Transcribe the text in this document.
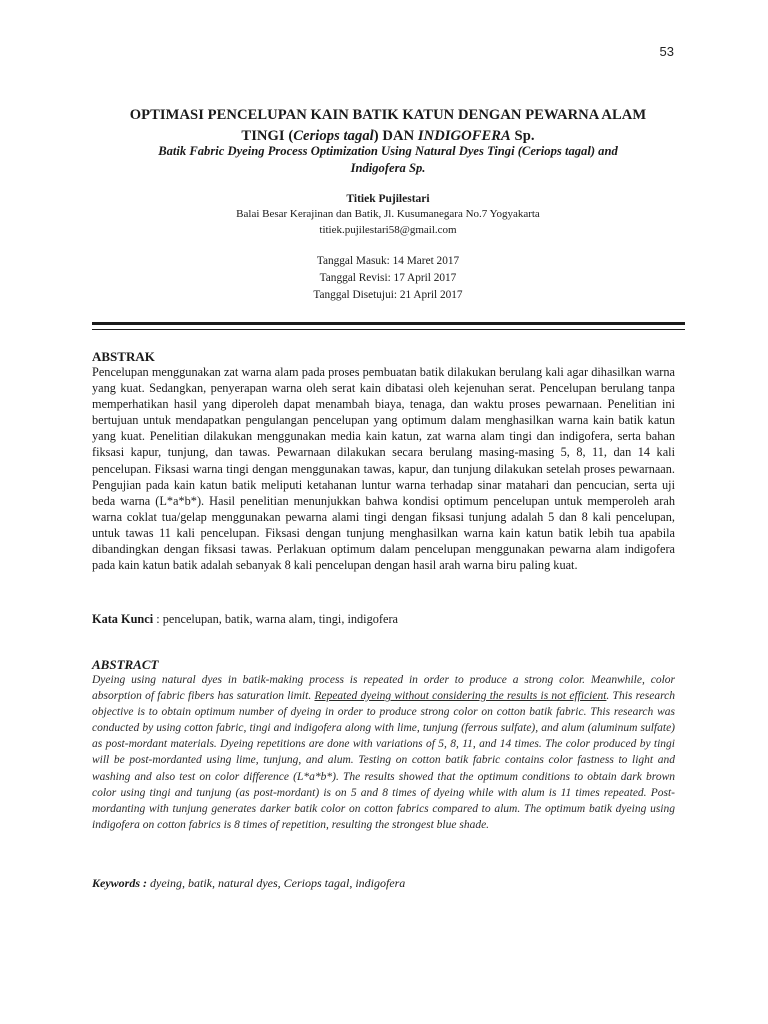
53
OPTIMASI PENCELUPAN KAIN BATIK KATUN DENGAN PEWARNA ALAM
TINGI (Ceriops tagal) DAN INDIGOFERA Sp.
Batik Fabric Dyeing Process Optimization Using Natural Dyes Tingi (Ceriops tagal) and
Indigofera Sp.
Titiek Pujilestari
Balai Besar Kerajinan dan Batik, Jl. Kusumanegara No.7 Yogyakarta
titiek.pujilestari58@gmail.com
Tanggal Masuk: 14 Maret 2017
Tanggal Revisi: 17 April 2017
Tanggal Disetujui: 21 April 2017
ABSTRAK
Pencelupan menggunakan zat warna alam pada proses pembuatan batik dilakukan berulang kali agar dihasilkan warna yang kuat. Sedangkan, penyerapan warna oleh serat kain dibatasi oleh kejenuhan serat. Pencelupan berulang tanpa memperhatikan hasil yang diperoleh dapat menambah biaya, tenaga, dan waktu proses pewarnaan. Penelitian ini bertujuan untuk mendapatkan pengulangan pencelupan yang optimum dalam menghasilkan warna kain batik katun yang kuat. Penelitian dilakukan menggunakan media kain katun, zat warna alam tingi dan indigofera, serta bahan fiksasi kapur, tunjung, dan tawas. Pewarnaan dilakukan secara berulang masing-masing 5, 8, 11, dan 14 kali pencelupan. Fiksasi warna tingi dengan menggunakan tawas, kapur, dan tunjung dilakukan setelah proses pewarnaan. Pengujian pada kain katun batik meliputi ketahanan luntur warna terhadap sinar matahari dan pencucian, serta uji beda warna (L*a*b*). Hasil penelitian menunjukkan bahwa kondisi optimum pencelupan untuk memperoleh arah warna coklat tua/gelap menggunakan pewarna alami tingi dengan fiksasi tunjung adalah 5 dan 8 kali pencelupan, untuk tawas 11 kali pencelupan. Fiksasi dengan tunjung menghasilkan warna kain katun batik lebih tua apabila dibandingkan dengan fiksasi tawas. Perlakuan optimum dalam pencelupan menggunakan pewarna alam indigofera pada kain katun batik adalah sebanyak 8 kali pencelupan dengan hasil arah warna biru paling kuat.
Kata Kunci : pencelupan, batik, warna alam, tingi, indigofera
ABSTRACT
Dyeing using natural dyes in batik-making process is repeated in order to produce a strong color. Meanwhile, color absorption of fabric fibers has saturation limit. Repeated dyeing without considering the results is not efficient. This research objective is to obtain optimum number of dyeing in order to produce strong color on cotton batik fabric. This research was conducted by using cotton fabric, tingi and indigofera along with lime, tunjung (ferrous sulfate), and alum (aluminum sulfate) as post-mordant materials. Dyeing repetitions are done with variations of 5, 8, 11, and 14 times. The color produced by tingi will be post-mordanted using lime, tunjung, and alum. Testing on cotton batik fabric contains color fastness to light and washing and also test on color difference (L*a*b*). The results showed that the optimum conditions to obtain dark brown color using tingi and tunjung (as post-mordant) is on 5 and 8 times of dyeing while with alum is 11 times repeated. Post-mordanting with tunjung generates darker batik color on cotton fabrics compared to alum. The optimum batik dyeing using indigofera on cotton fabrics is 8 times of repetition, resulting the strongest blue shade.
Keywords : dyeing, batik, natural dyes, Ceriops tagal, indigofera
